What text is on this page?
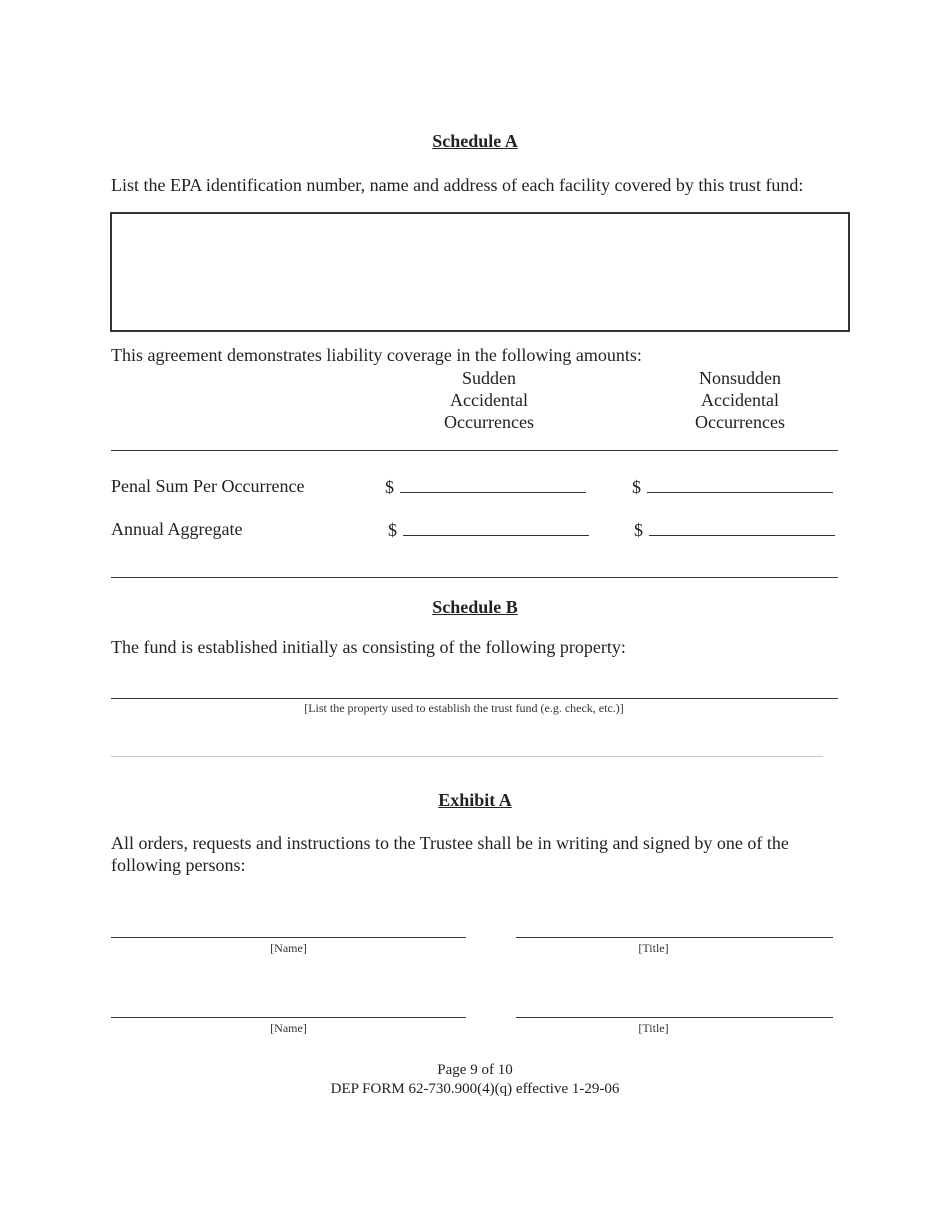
Schedule A
List the EPA identification number, name and address of each facility covered by this trust fund:
This agreement demonstrates liability coverage in the following amounts:
Sudden
Accidental
Occurrences
Nonsudden
Accidental
Occurrences
Penal Sum Per Occurrence	$	$
Annual Aggregate	$	$
Schedule B
The fund is established initially as consisting of the following property:
[List the property used to establish the trust fund (e.g. check, etc.)]
Exhibit A
All orders, requests and instructions to the Trustee shall be in writing and signed by one of the
following persons:
[Name]	[Title]
[Name]	[Title]
Page 9 of 10
DEP FORM 62-730.900(4)(q) effective 1-29-06
